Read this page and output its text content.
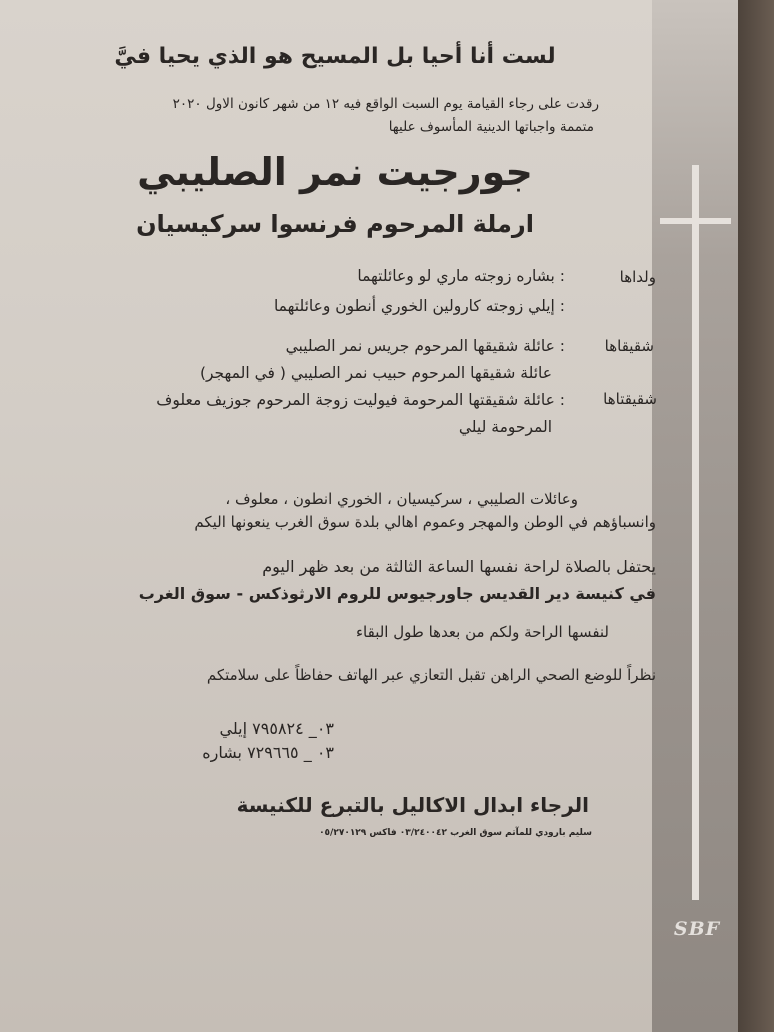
SBF
لست أنا أحيا بل المسيح هو الذي يحيا فيَّ
رقدت على رجاء القيامة يوم السبت الواقع فيه ١٢ من شهر كانون الاول ٢٠٢٠
متممة واجباتها الدينية المأسوف عليها
جورجيت نمر الصليبي
ارملة المرحوم فرنسوا سركيسيان
ولداها
: بشاره زوجته ماري لو وعائلتهما
: إيلي زوجته كارولين الخوري أنطون وعائلتهما
شقيقاها
: عائلة شقيقها المرحوم جريس نمر الصليبي
عائلة شقيقها المرحوم حبيب نمر الصليبي ( في المهجر)
شقيقتاها
: عائلة شقيقتها المرحومة فيوليت زوجة المرحوم جوزيف معلوف
المرحومة ليلي
وعائلات الصليبي ، سركيسيان ، الخوري انطون ، معلوف ،
وانسباؤهم في الوطن والمهجر وعموم اهالي بلدة سوق الغرب ينعونها اليكم
يحتفل بالصلاة لراحة نفسها الساعة الثالثة من بعد ظهر اليوم
في كنيسة دير القديس جاورجيوس للروم الارثوذكس - سوق الغرب
لنفسها الراحة ولكم من بعدها طول البقاء
نظراً للوضع الصحي الراهن تقبل التعازي عبر الهاتف حفاظاً على سلامتكم
٠٣_ ٧٩٥٨٢٤ إيلي
٠٣ _ ٧٢٩٦٦٥ بشاره
الرجاء ابدال الاكاليل بالتبرع للكنيسة
سليم بارودي للمآتم سوق الغرب ٠٣/٢٤٠٠٤٢ فاكس ٠٥/٢٧٠١٢٩
